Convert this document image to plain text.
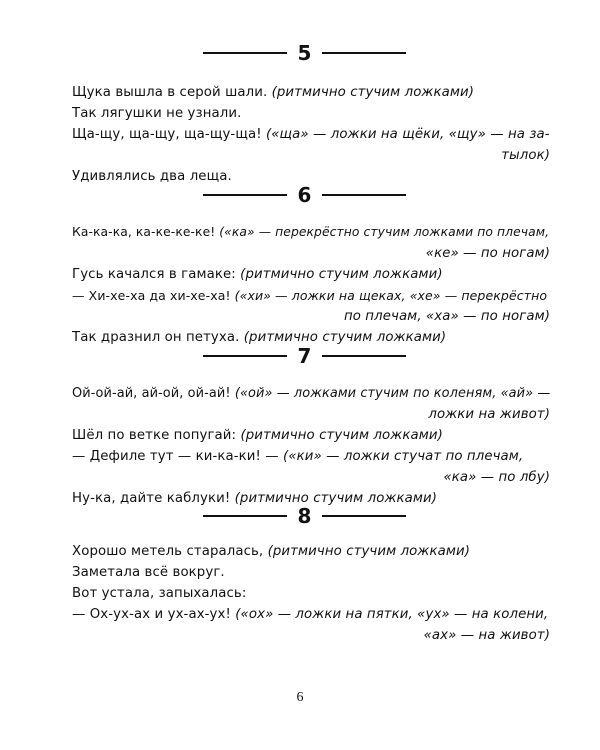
5
Щука вышла в серой шали. (ритмично стучим ложками)
Так лягушки не узнали.
Ща-щу, ща-щу, ща-щу-ща! («ща» — ложки на щёки, «щу» — на за-
тылок)
Удивлялись два леща.
6
Ка-ка-ка, ка-ке-ке-ке! («ка» — перекрёстно стучим ложками по плечам,
«ке» — по ногам)
Гусь качался в гамаке: (ритмично стучим ложками)
— Хи-хе-ха да хи-хе-ха! («хи» — ложки на щеках, «хе» — перекрёстно
по плечам, «ха» — по ногам)
Так дразнил он петуха. (ритмично стучим ложками)
7
Ой-ой-ай, ай-ой, ой-ай! («ой» — ложками стучим по коленям, «ай» —
ложки на живот)
Шёл по ветке попугай: (ритмично стучим ложками)
— Дефиле тут — ки-ка-ки! — («ки» — ложки стучат по плечам,
«ка» — по лбу)
Ну-ка, дайте каблуки! (ритмично стучим ложками)
8
Хорошо метель старалась, (ритмично стучим ложками)
Заметала всё вокруг.
Вот устала, запыхалась:
— Ох-ух-ах и ух-ах-ух! («ох» — ложки на пятки, «ух» — на колени,
«ах» — на живот)
6
